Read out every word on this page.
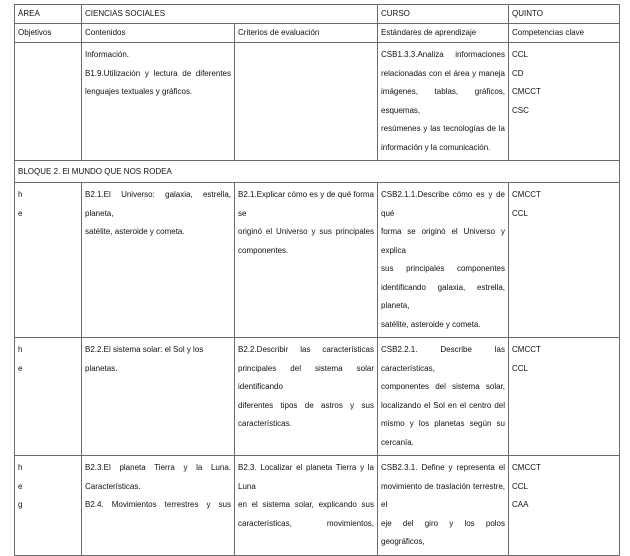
ÁREA	CIENCIAS SOCIALES		CURSO	QUINTO
Objetivos	Contenidos	Criterios de evaluación	Estándares de aprendizaje	Competencias clave

	Información.
B1.9.Utilización y lectura de diferentes
lenguajes textuales y gráficos.		CSB1.3.3.Analiza informaciones
relacionadas con el área y maneja
imágenes, tablas, gráficos, esquemas,
resúmenes y las tecnologías de la
información y la comunicación.	CCL
CD
CMCCT
CSC

BLOQUE 2. El MUNDO QUE NOS RODEA				

h
e	B2.1.El Universo: galaxia, estrella, planeta,
satélite, asteroide y cometa.	B2.1.Explicar cómo es y de qué forma se
originó el Universo y sus principales
componentes.	CSB2.1.1.Describe cómo es y de qué
forma se originó el Universo y explica
sus principales componentes
identificando galaxia, estrella, planeta,
satélite, asteroide y cometa.	CMCCT
CCL

h
e	B2.2.El sistema solar: el Sol y los planetas.	B2.2.Describir las características
principales del sistema solar identificando
diferentes tipos de astros y sus
características.	CSB2.2.1. Describe las características,
componentes del sistema solar,
localizando el Sol en el centro del
mismo y los planetas según su
cercanía.	CMCCT
CCL

h
e
g	B2.3.El planeta Tierra y la Luna.
Características.
B2.4. Movimientos terrestres y sus	B2.3. Localizar el planeta Tierra y la Luna
en el sistema solar, explicando sus
características, movimientos,	CSB2.3.1. Define y representa el
movimiento de traslación terrestre, el
eje del giro y los polos geográficos,	CMCCT
CCL
CAA
